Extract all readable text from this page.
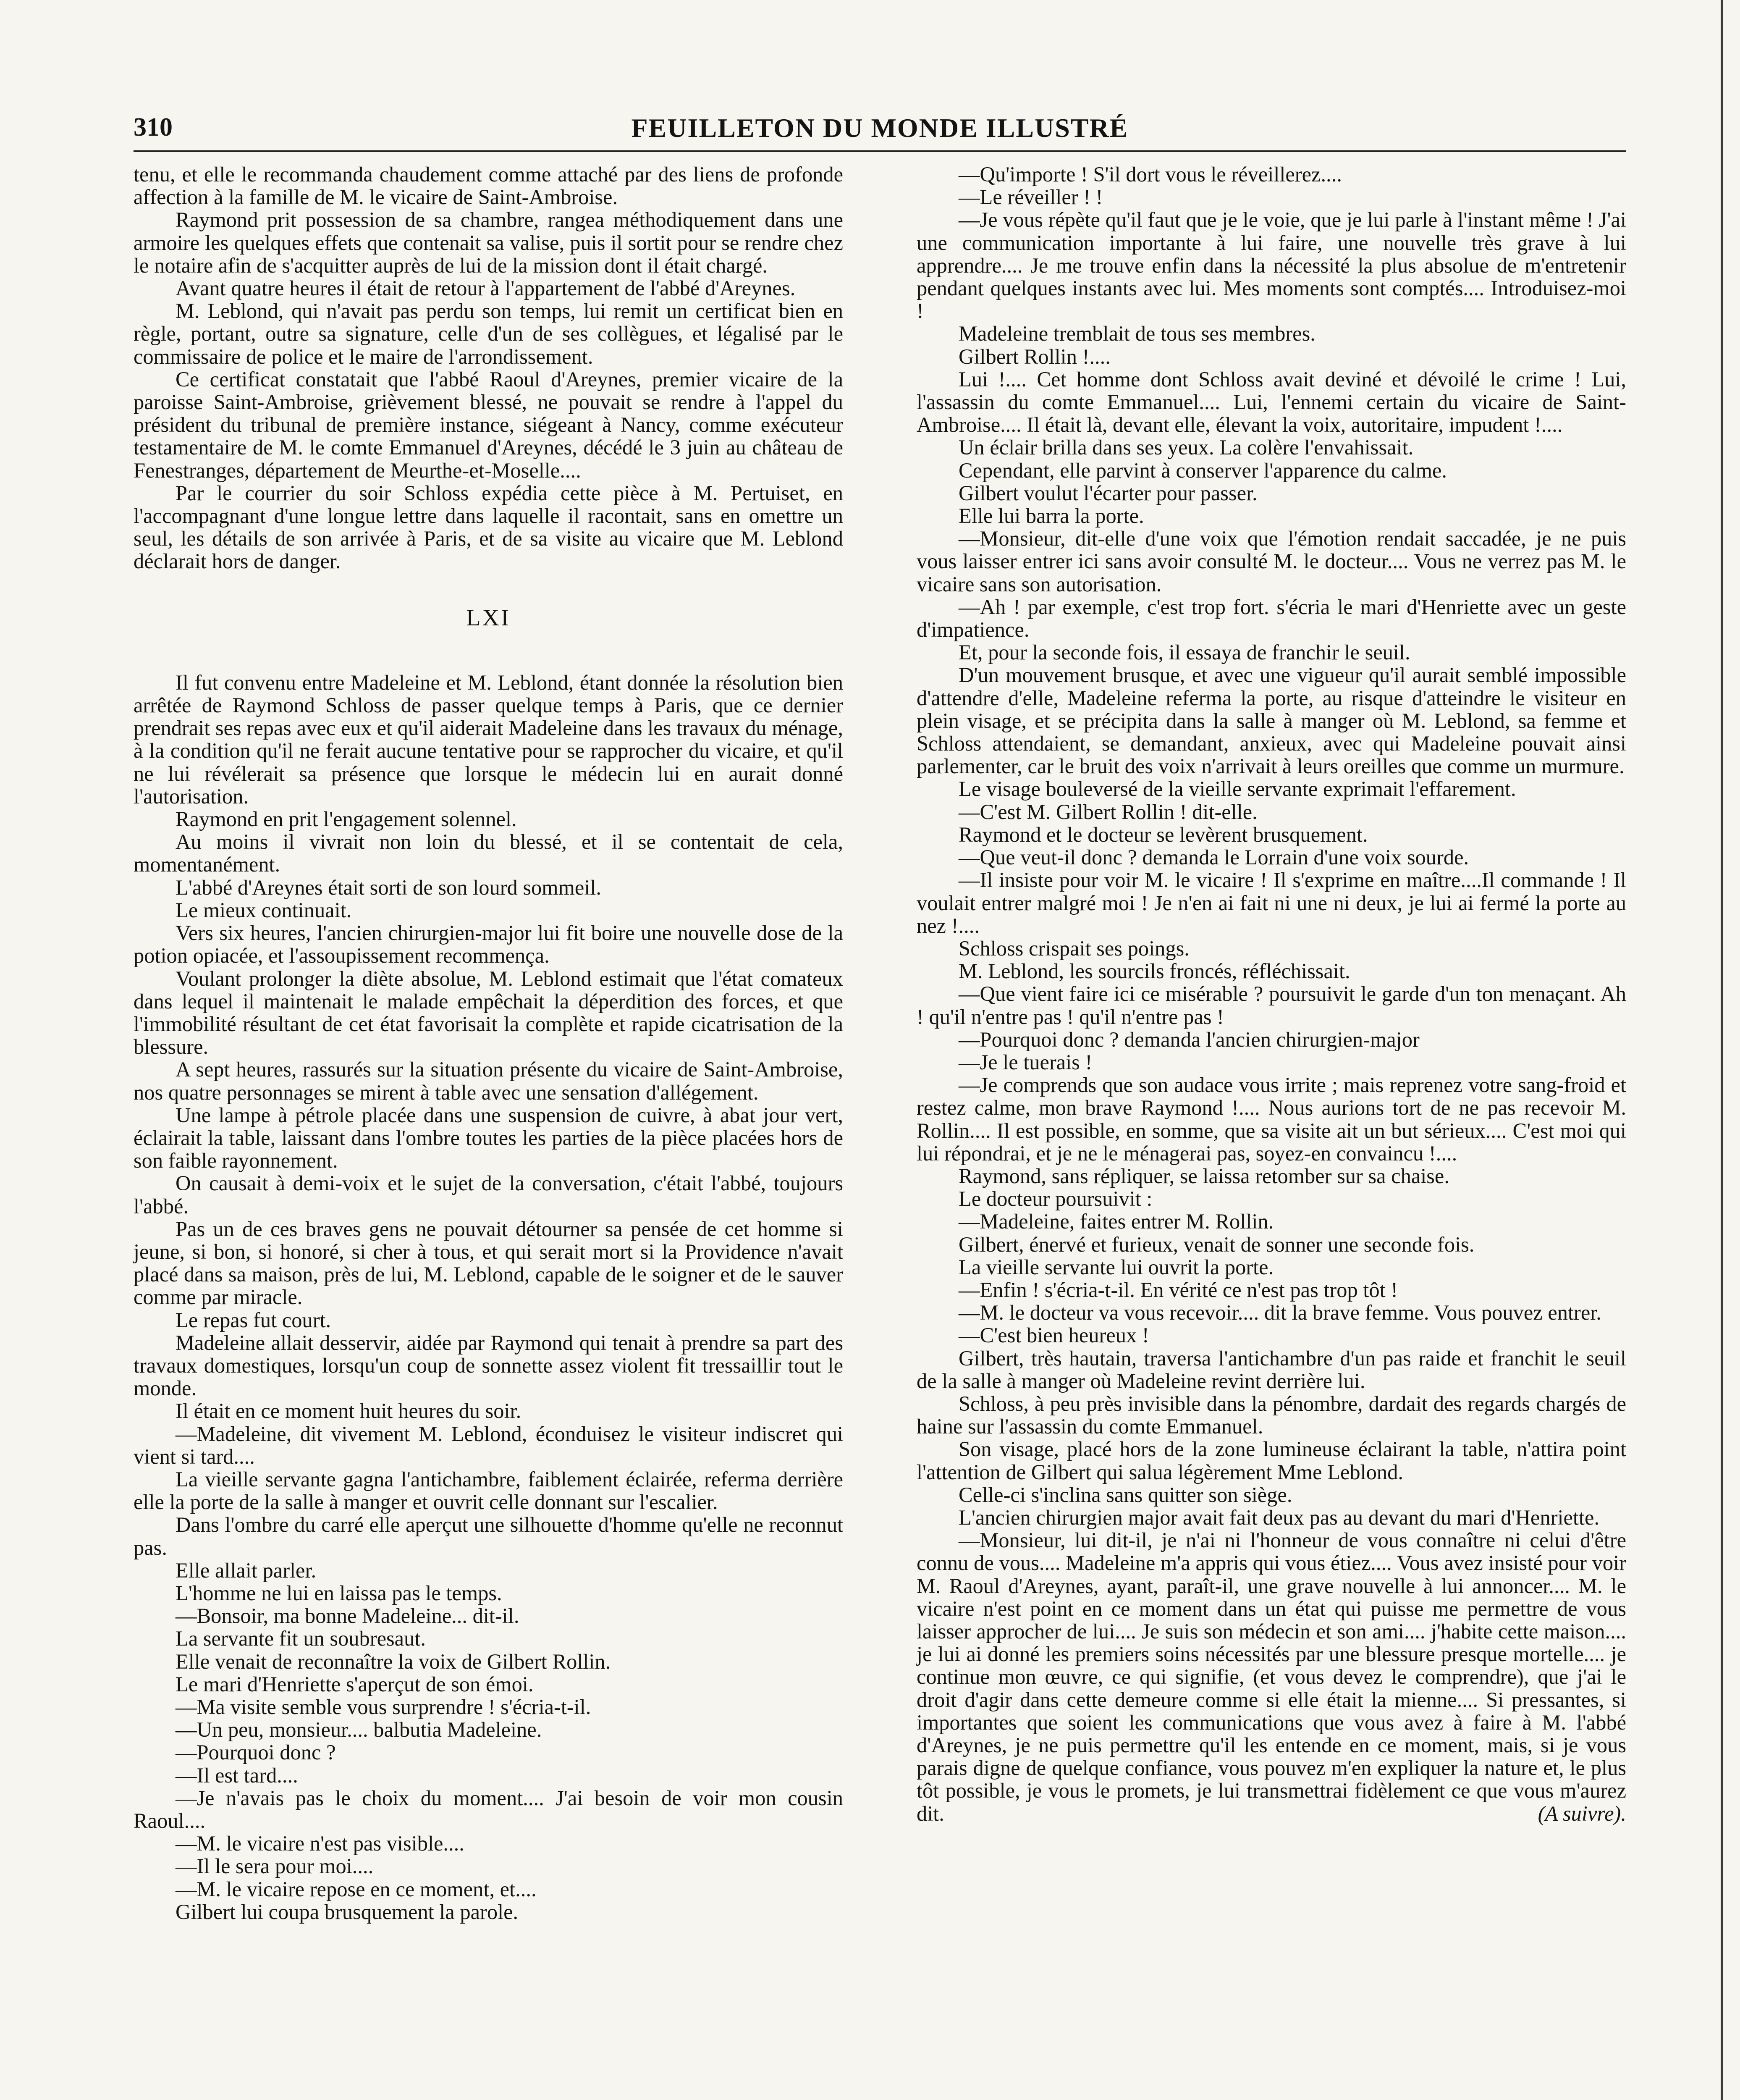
310	FEUILLETON DU MONDE ILLUSTRÉ

tenu, et elle le recommanda chaudement comme attaché par des liens de profonde affection à la famille de M. le vicaire de Saint-Ambroise.

Raymond prit possession de sa chambre, rangea méthodiquement dans une armoire les quelques effets que contenait sa valise, puis il sortit pour se rendre chez le notaire afin de s'acquitter auprès de lui de la mission dont il était chargé.

Avant quatre heures il était de retour à l'appartement de l'abbé d'Areynes.

M. Leblond, qui n'avait pas perdu son temps, lui remit un certificat bien en règle, portant, outre sa signature, celle d'un de ses collègues, et légalisé par le commissaire de police et le maire de l'arrondissement.

Ce certificat constatait que l'abbé Raoul d'Areynes, premier vicaire de la paroisse Saint-Ambroise, grièvement blessé, ne pouvait se rendre à l'appel du président du tribunal de première instance, siégeant à Nancy, comme exécuteur testamentaire de M. le comte Emmanuel d'Areynes, décédé le 3 juin au château de Fenestranges, département de Meurthe-et-Moselle....

Par le courrier du soir Schloss expédia cette pièce à M. Pertuiset, en l'accompagnant d'une longue lettre dans laquelle il racontait, sans en omettre un seul, les détails de son arrivée à Paris, et de sa visite au vicaire que M. Leblond déclarait hors de danger.

LXI

Il fut convenu entre Madeleine et M. Leblond, étant donnée la résolution bien arrêtée de Raymond Schloss de passer quelque temps à Paris, que ce dernier prendrait ses repas avec eux et qu'il aiderait Madeleine dans les travaux du ménage, à la condition qu'il ne ferait aucune tentative pour se rapprocher du vicaire, et qu'il ne lui révélerait sa présence que lorsque le médecin lui en aurait donné l'autorisation.

Raymond en prit l'engagement solennel.

Au moins il vivrait non loin du blessé, et il se contentait de cela, momentanément.

L'abbé d'Areynes était sorti de son lourd sommeil.

Le mieux continuait.

Vers six heures, l'ancien chirurgien-major lui fit boire une nouvelle dose de la potion opiacée, et l'assoupissement recommença.

Voulant prolonger la diète absolue, M. Leblond estimait que l'état comateux dans lequel il maintenait le malade empêchait la déperdition des forces, et que l'immobilité résultant de cet état favorisait la complète et rapide cicatrisation de la blessure.

A sept heures, rassurés sur la situation présente du vicaire de Saint-Ambroise, nos quatre personnages se mirent à table avec une sensation d'allégement.

Une lampe à pétrole placée dans une suspension de cuivre, à abat jour vert, éclairait la table, laissant dans l'ombre toutes les parties de la pièce placées hors de son faible rayonnement.

On causait à demi-voix et le sujet de la conversation, c'était l'abbé, toujours l'abbé.

Pas un de ces braves gens ne pouvait détourner sa pensée de cet homme si jeune, si bon, si honoré, si cher à tous, et qui serait mort si la Providence n'avait placé dans sa maison, près de lui, M. Leblond, capable de le soigner et de le sauver comme par miracle.

Le repas fut court.

Madeleine allait desservir, aidée par Raymond qui tenait à prendre sa part des travaux domestiques, lorsqu'un coup de sonnette assez violent fit tressaillir tout le monde.

Il était en ce moment huit heures du soir.

—Madeleine, dit vivement M. Leblond, éconduisez le visiteur indiscret qui vient si tard....

La vieille servante gagna l'antichambre, faiblement éclairée, referma derrière elle la porte de la salle à manger et ouvrit celle donnant sur l'escalier.

Dans l'ombre du carré elle aperçut une silhouette d'homme qu'elle ne reconnut pas.

Elle allait parler.

L'homme ne lui en laissa pas le temps.

—Bonsoir, ma bonne Madeleine... dit-il.

La servante fit un soubresaut.

Elle venait de reconnaître la voix de Gilbert Rollin.

Le mari d'Henriette s'aperçut de son émoi.

—Ma visite semble vous surprendre ! s'écria-t-il.

—Un peu, monsieur.... balbutia Madeleine.

—Pourquoi donc ?

—Il est tard....

—Je n'avais pas le choix du moment.... J'ai besoin de voir mon cousin Raoul....

—M. le vicaire n'est pas visible....

—Il le sera pour moi....

—M. le vicaire repose en ce moment, et....

Gilbert lui coupa brusquement la parole.

—Qu'importe ! S'il dort vous le réveillerez....

—Le réveiller ! !

—Je vous répète qu'il faut que je le voie, que je lui parle à l'instant même ! J'ai une communication importante à lui faire, une nouvelle très grave à lui apprendre.... Je me trouve enfin dans la nécessité la plus absolue de m'entretenir pendant quelques instants avec lui. Mes moments sont comptés.... Introduisez-moi !

Madeleine tremblait de tous ses membres.

Gilbert Rollin !....

Lui !.... Cet homme dont Schloss avait deviné et dévoilé le crime ! Lui, l'assassin du comte Emmanuel.... Lui, l'ennemi certain du vicaire de Saint-Ambroise.... Il était là, devant elle, élevant la voix, autoritaire, impudent !....

Un éclair brilla dans ses yeux. La colère l'envahissait.

Cependant, elle parvint à conserver l'apparence du calme.

Gilbert voulut l'écarter pour passer.

Elle lui barra la porte.

—Monsieur, dit-elle d'une voix que l'émotion rendait saccadée, je ne puis vous laisser entrer ici sans avoir consulté M. le docteur.... Vous ne verrez pas M. le vicaire sans son autorisation.

—Ah ! par exemple, c'est trop fort. s'écria le mari d'Henriette avec un geste d'impatience.

Et, pour la seconde fois, il essaya de franchir le seuil.

D'un mouvement brusque, et avec une vigueur qu'il aurait semblé impossible d'attendre d'elle, Madeleine referma la porte, au risque d'atteindre le visiteur en plein visage, et se précipita dans la salle à manger où M. Leblond, sa femme et Schloss attendaient, se demandant, anxieux, avec qui Madeleine pouvait ainsi parlementer, car le bruit des voix n'arrivait à leurs oreilles que comme un murmure.

Le visage bouleversé de la vieille servante exprimait l'effarement.

—C'est M. Gilbert Rollin ! dit-elle.

Raymond et le docteur se levèrent brusquement.

—Que veut-il donc ? demanda le Lorrain d'une voix sourde.

—Il insiste pour voir M. le vicaire ! Il s'exprime en maître....Il commande ! Il voulait entrer malgré moi ! Je n'en ai fait ni une ni deux, je lui ai fermé la porte au nez !....

Schloss crispait ses poings.

M. Leblond, les sourcils froncés, réfléchissait.

—Que vient faire ici ce misérable ? poursuivit le garde d'un ton menaçant. Ah ! qu'il n'entre pas ! qu'il n'entre pas !

—Pourquoi donc ? demanda l'ancien chirurgien-major

—Je le tuerais !

—Je comprends que son audace vous irrite ; mais reprenez votre sang-froid et restez calme, mon brave Raymond !.... Nous aurions tort de ne pas recevoir M. Rollin.... Il est possible, en somme, que sa visite ait un but sérieux.... C'est moi qui lui répondrai, et je ne le ménagerai pas, soyez-en convaincu !....

Raymond, sans répliquer, se laissa retomber sur sa chaise.

Le docteur poursuivit :

—Madeleine, faites entrer M. Rollin.

Gilbert, énervé et furieux, venait de sonner une seconde fois.

La vieille servante lui ouvrit la porte.

—Enfin ! s'écria-t-il. En vérité ce n'est pas trop tôt !

—M. le docteur va vous recevoir.... dit la brave femme. Vous pouvez entrer.

—C'est bien heureux !

Gilbert, très hautain, traversa l'antichambre d'un pas raide et franchit le seuil de la salle à manger où Madeleine revint derrière lui.

Schloss, à peu près invisible dans la pénombre, dardait des regards chargés de haine sur l'assassin du comte Emmanuel.

Son visage, placé hors de la zone lumineuse éclairant la table, n'attira point l'attention de Gilbert qui salua légèrement Mme Leblond.

Celle-ci s'inclina sans quitter son siège.

L'ancien chirurgien major avait fait deux pas au devant du mari d'Henriette.

—Monsieur, lui dit-il, je n'ai ni l'honneur de vous connaître ni celui d'être connu de vous.... Madeleine m'a appris qui vous étiez.... Vous avez insisté pour voir M. Raoul d'Areynes, ayant, paraît-il, une grave nouvelle à lui annoncer.... M. le vicaire n'est point en ce moment dans un état qui puisse me permettre de vous laisser approcher de lui.... Je suis son médecin et son ami.... j'habite cette maison.... je lui ai donné les premiers soins nécessités par une blessure presque mortelle.... je continue mon œuvre, ce qui signifie, (et vous devez le comprendre), que j'ai le droit d'agir dans cette demeure comme si elle était la mienne.... Si pressantes, si importantes que soient les communications que vous avez à faire à M. l'abbé d'Areynes, je ne puis permettre qu'il les entende en ce moment, mais, si je vous parais digne de quelque confiance, vous pouvez m'en expliquer la nature et, le plus tôt possible, je vous le promets, je lui transmettrai fidèlement ce que vous m'aurez dit.	(A suivre).
